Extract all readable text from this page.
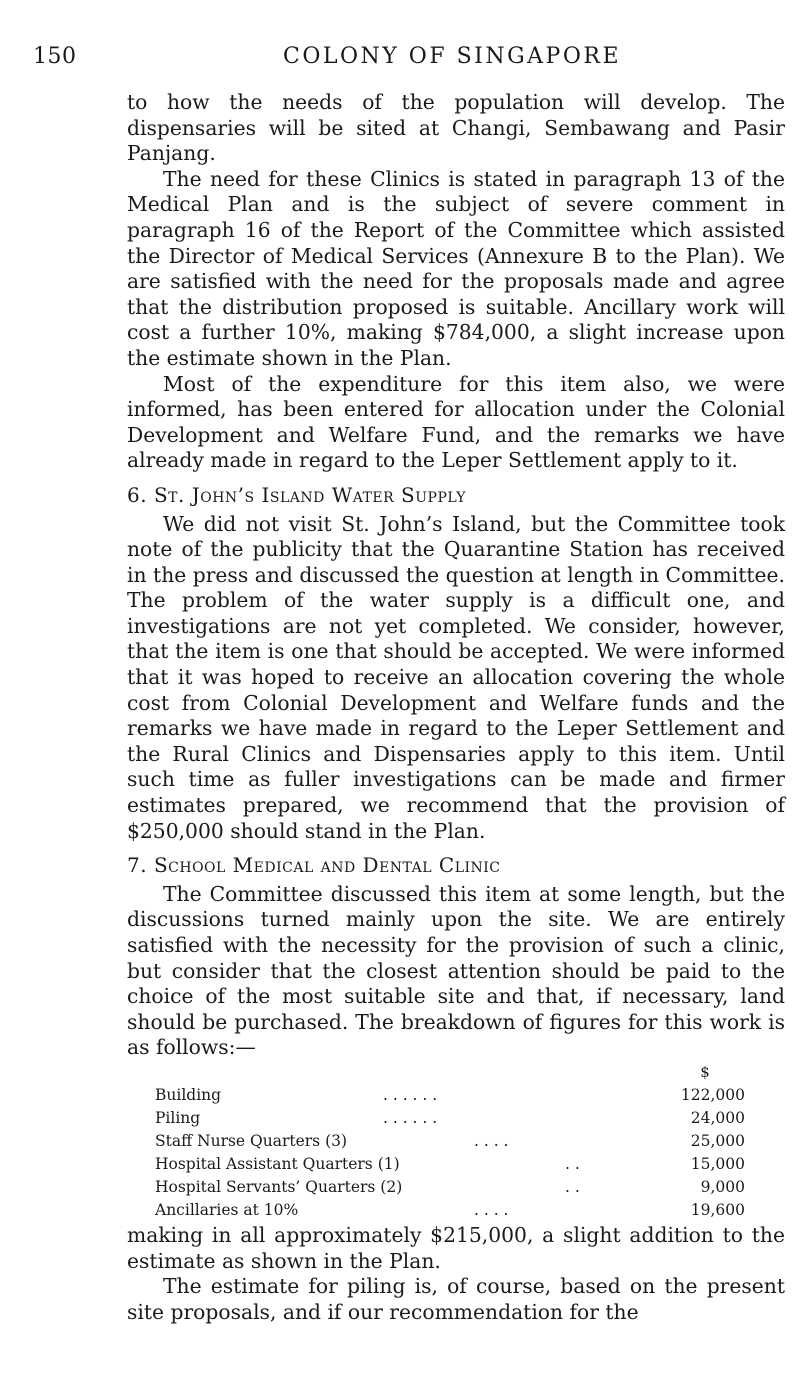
150	COLONY OF SINGAPORE

to how the needs of the population will develop. The dispensaries will be sited at Changi, Sembawang and Pasir Panjang.

The need for these Clinics is stated in paragraph 13 of the Medical Plan and is the subject of severe comment in paragraph 16 of the Report of the Committee which assisted the Director of Medical Services (Annexure B to the Plan). We are satisfied with the need for the proposals made and agree that the distribution proposed is suitable. Ancillary work will cost a further 10%, making $784,000, a slight increase upon the estimate shown in the Plan.

Most of the expenditure for this item also, we were informed, has been entered for allocation under the Colonial Development and Welfare Fund, and the remarks we have already made in regard to the Leper Settlement apply to it.

6. St. John’s Island Water Supply

We did not visit St. John’s Island, but the Committee took note of the publicity that the Quarantine Station has received in the press and discussed the question at length in Committee. The problem of the water supply is a difficult one, and investigations are not yet completed. We consider, however, that the item is one that should be accepted. We were informed that it was hoped to receive an allocation covering the whole cost from Colonial Development and Welfare funds and the remarks we have made in regard to the Leper Settlement and the Rural Clinics and Dispensaries apply to this item. Until such time as fuller investigations can be made and firmer estimates prepared, we recommend that the provision of $250,000 should stand in the Plan.

7. School Medical and Dental Clinic

The Committee discussed this item at some length, but the discussions turned mainly upon the site. We are entirely satisfied with the necessity for the provision of such a clinic, but consider that the closest attention should be paid to the choice of the most suitable site and that, if necessary, land should be purchased. The breakdown of figures for this work is as follows:—

$
Building	. . . . . .	122,000
Piling	. . . . . .	24,000
Staff Nurse Quarters (3)	. . . .	25,000
Hospital Assistant Quarters (1)	. .	15,000
Hospital Servants’ Quarters (2)	. .	9,000
Ancillaries at 10%	. . . .	19,600

making in all approximately $215,000, a slight addition to the estimate as shown in the Plan.

The estimate for piling is, of course, based on the present site proposals, and if our recommendation for the
